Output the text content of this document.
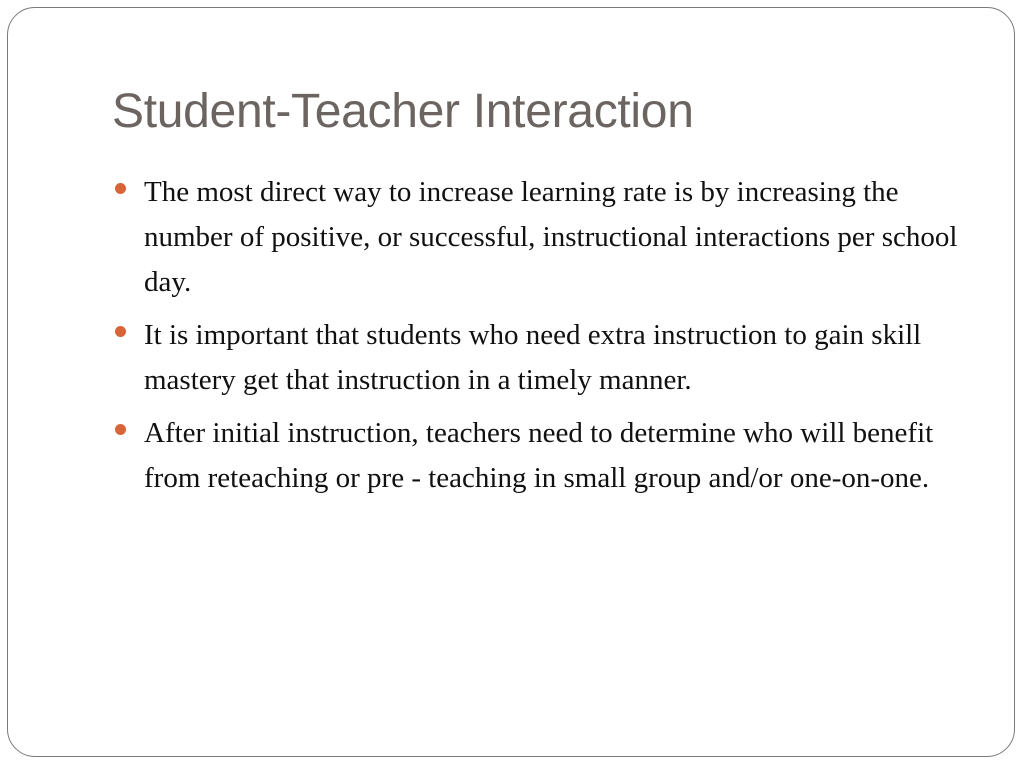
Student-Teacher Interaction
The most direct way to increase learning rate is by increasing the number of positive, or successful, instructional interactions per school day.
It is important that students who need extra instruction to gain skill mastery get that instruction in a timely manner.
After initial instruction, teachers need to determine who will benefit from reteaching or pre - teaching in small group and/or one-on-one.
